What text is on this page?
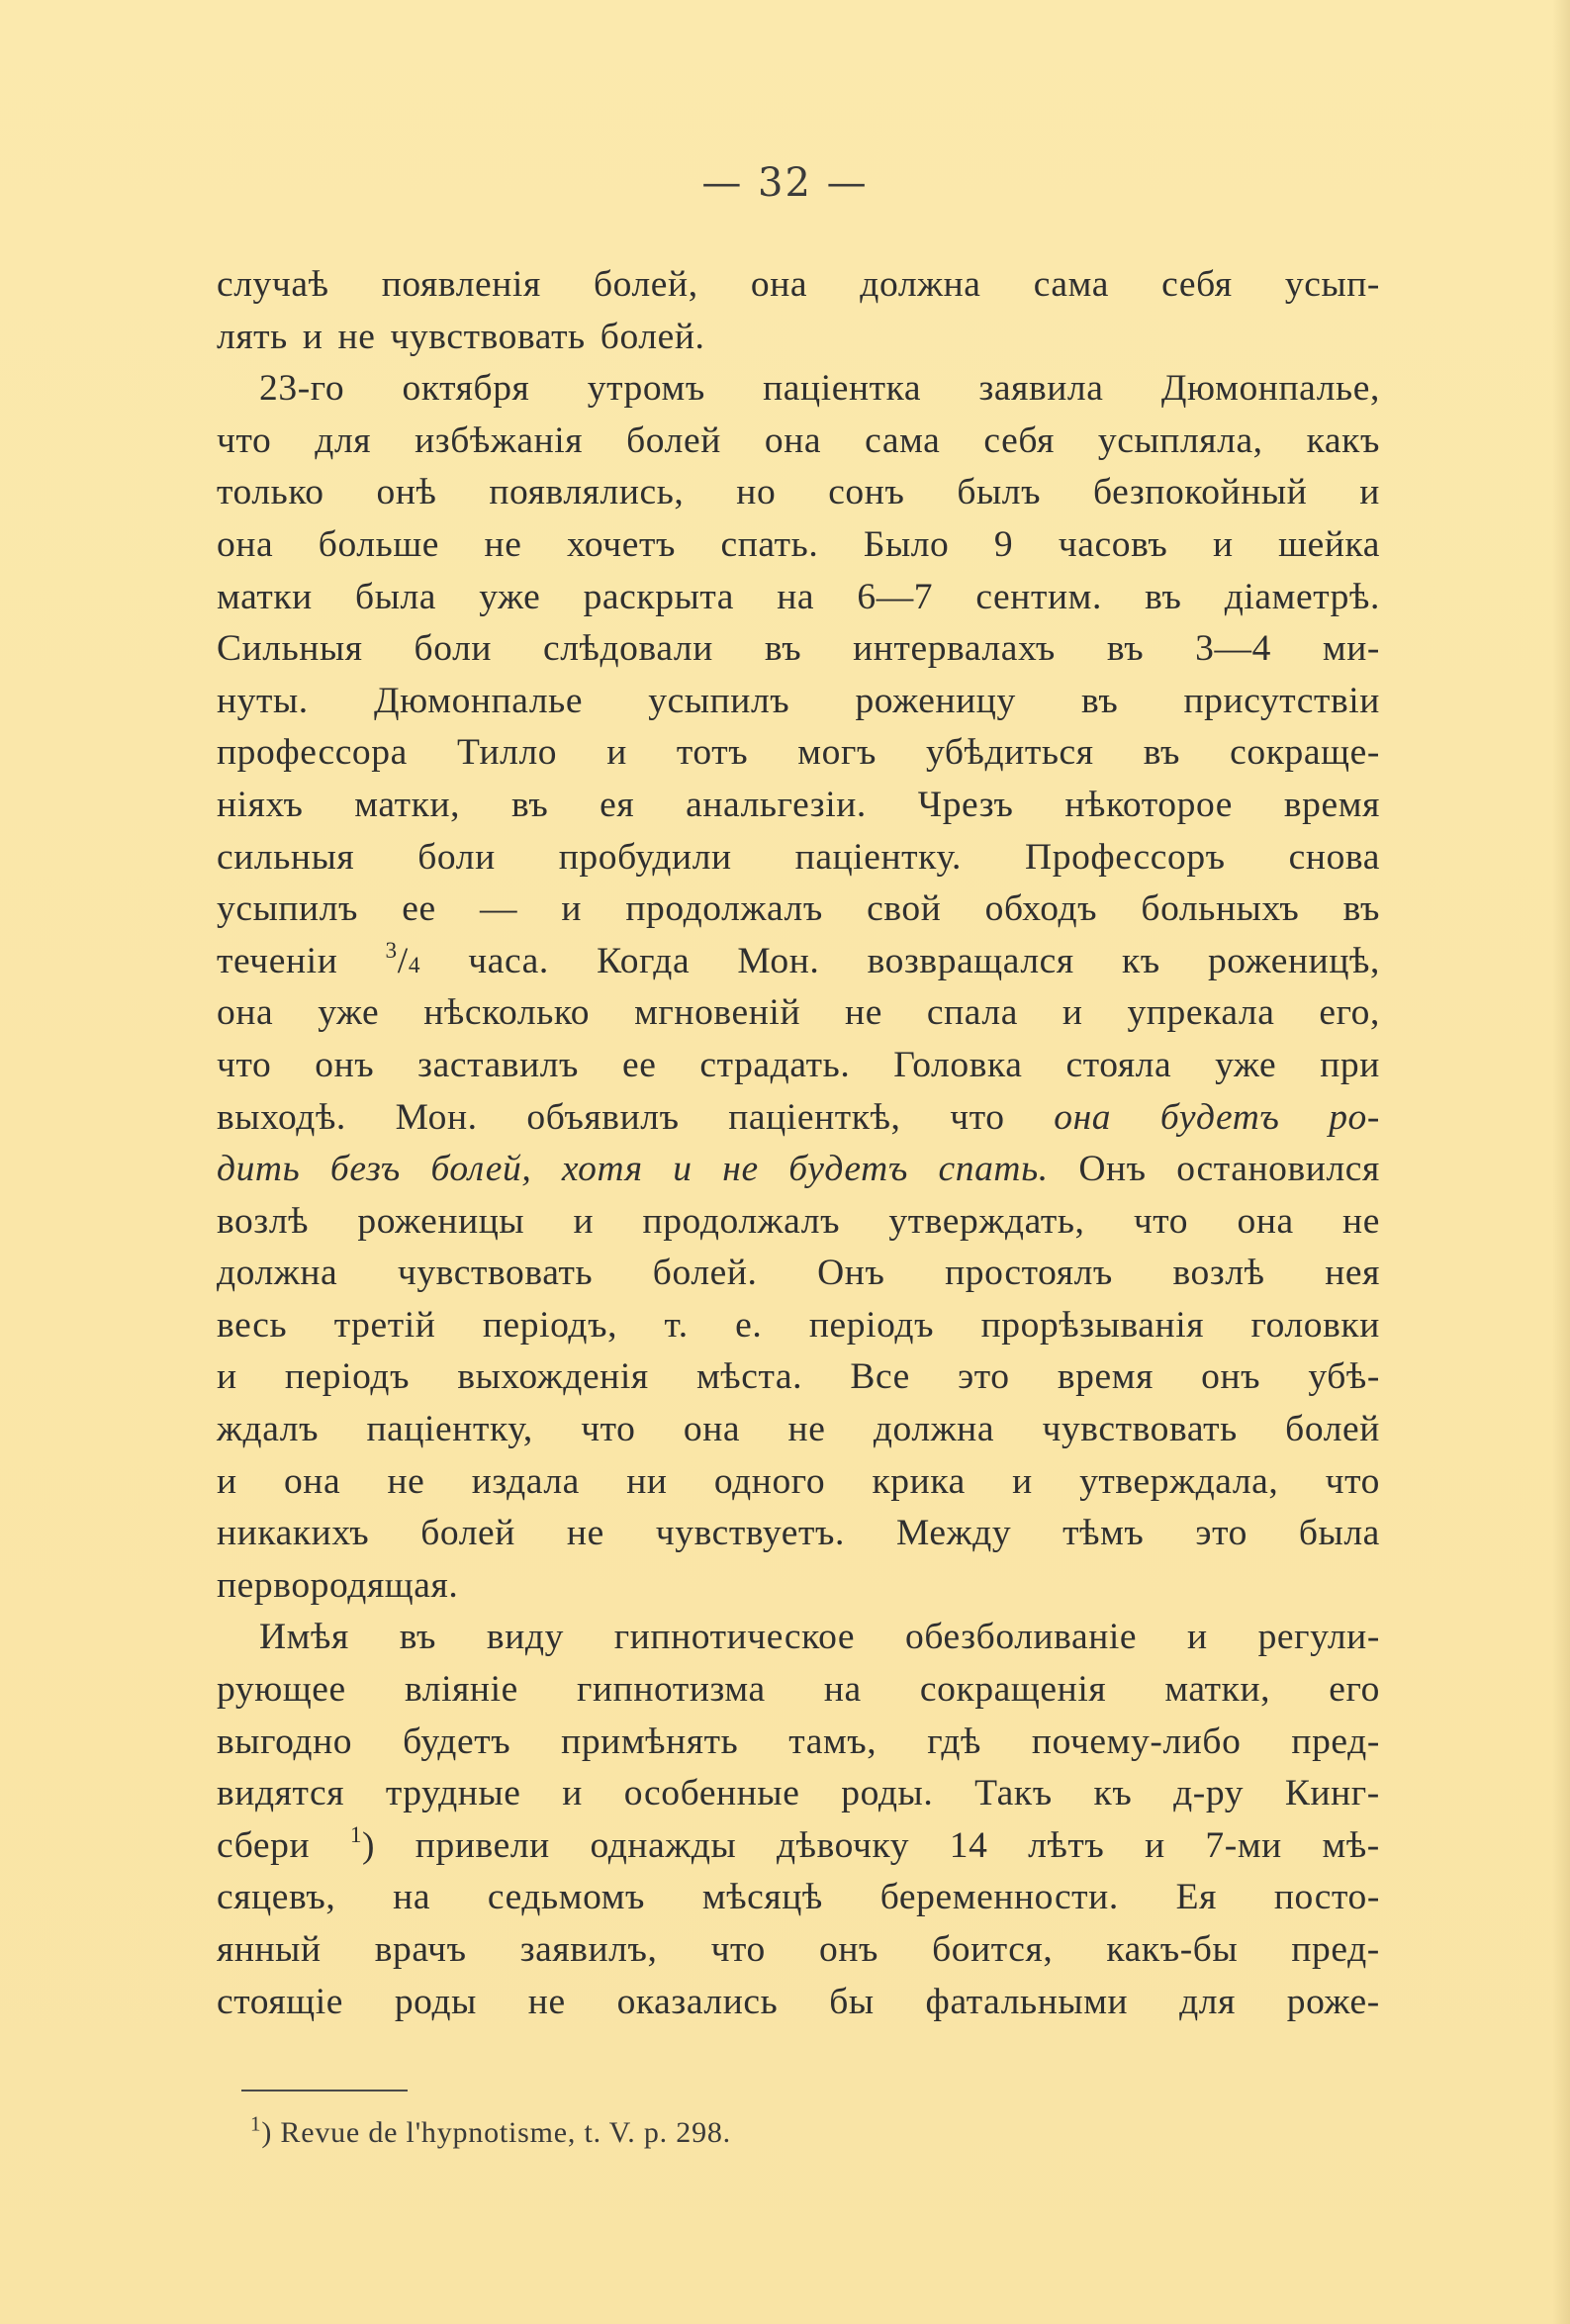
— 32 —
случаѣ появленія болей, она должна сама себя усып-
лять и не чувствовать болей.
23-го октября утромъ паціентка заявила Дюмонпалье,
что для избѣжанія болей она сама себя усыпляла, какъ
только онѣ появлялись, но сонъ былъ безпокойный и
она больше не хочетъ спать. Было 9 часовъ и шейка
матки была уже раскрыта на 6—7 сентим. въ діаметрѣ.
Сильныя боли слѣдовали въ интервалахъ въ 3—4 ми-
нуты. Дюмонпалье усыпилъ роженицу въ присутствіи
профессора Тилло и тотъ могъ убѣдиться въ сокраще-
ніяхъ матки, въ ея анальгезіи. Чрезъ нѣкоторое время
сильныя боли пробудили паціентку. Профессоръ снова
усыпилъ ее — и продолжалъ свой обходъ больныхъ въ
теченіи $^3$/4 часа. Когда Мон. возвращался къ роженицѣ,
она уже нѣсколько мгновеній не спала и упрекала его,
что онъ заставилъ ее страдать. Головка стояла уже при
выходѣ. Мон. объявилъ паціенткѣ, что она будетъ ро-
дить безъ болей, хотя и не будетъ спать. Онъ остановился
возлѣ роженицы и продолжалъ утверждать, что она не
должна чувствовать болей. Онъ простоялъ возлѣ нея
весь третій періодъ, т. е. періодъ прорѣзыванія головки
и періодъ выхожденія мѣста. Все это время онъ убѣ-
ждалъ паціентку, что она не должна чувствовать болей
и она не издала ни одного крика и утверждала, что
никакихъ болей не чувствуетъ. Между тѣмъ это была
первородящая.
Имѣя въ виду гипнотическое обезболиваніе и регули-
рующее вліяніе гипнотизма на сокращенія матки, его
выгодно будетъ примѣнять тамъ, гдѣ почему-либо пред-
видятся трудные и особенные роды. Такъ къ д-ру Кинг-
сбери $^1$) привели однажды дѣвочку 14 лѣтъ и 7-ми мѣ-
сяцевъ, на седьмомъ мѣсяцѣ беременности. Ея посто-
янный врачъ заявилъ, что онъ боится, какъ-бы пред-
стоящіе роды не оказались бы фатальными для роже-
$^1$) Revue de l'hypnotisme, t. V. p. 298.
